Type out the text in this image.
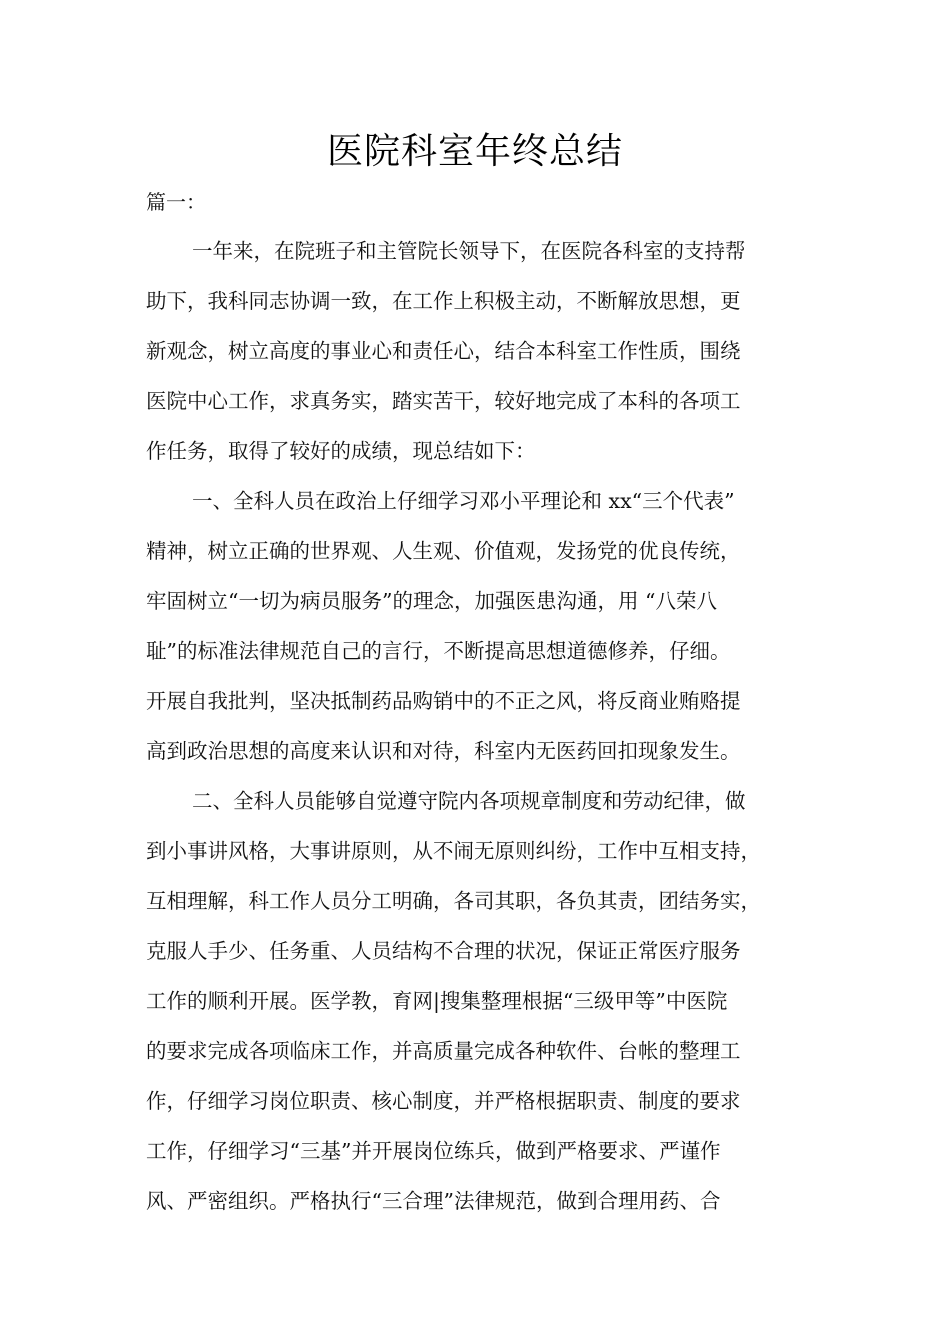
医院科室年终总结
篇一：
一年来，在院班子和主管院长领导下，在医院各科室的支持帮
助下，我科同志协调一致，在工作上积极主动，不断解放思想，更
新观念，树立高度的事业心和责任心，结合本科室工作性质，围绕
医院中心工作，求真务实，踏实苦干，较好地完成了本科的各项工
作任务，取得了较好的成绩，现总结如下：
一、全科人员在政治上仔细学习邓小平理论和 xx“三个代表”
精神，树立正确的世界观、人生观、价值观，发扬党的优良传统，
牢固树立“一切为病员服务”的理念，加强医患沟通，用 “八荣八
耻”的标准法律规范自己的言行，不断提高思想道德修养，仔细。
开展自我批判，坚决抵制药品购销中的不正之风，将反商业贿赂提
高到政治思想的高度来认识和对待，科室内无医药回扣现象发生。
二、全科人员能够自觉遵守院内各项规章制度和劳动纪律，做
到小事讲风格，大事讲原则，从不闹无原则纠纷，工作中互相支持，
互相理解，科工作人员分工明确，各司其职，各负其责，团结务实，
克服人手少、任务重、人员结构不合理的状况，保证正常医疗服务
工作的顺利开展。医学教，育网|搜集整理根据“三级甲等”中医院
的要求完成各项临床工作，并高质量完成各种软件、台帐的整理工
作，仔细学习岗位职责、核心制度，并严格根据职责、制度的要求
工作，仔细学习“三基”并开展岗位练兵，做到严格要求、严谨作
风、严密组织。严格执行“三合理”法律规范，做到合理用药、合
